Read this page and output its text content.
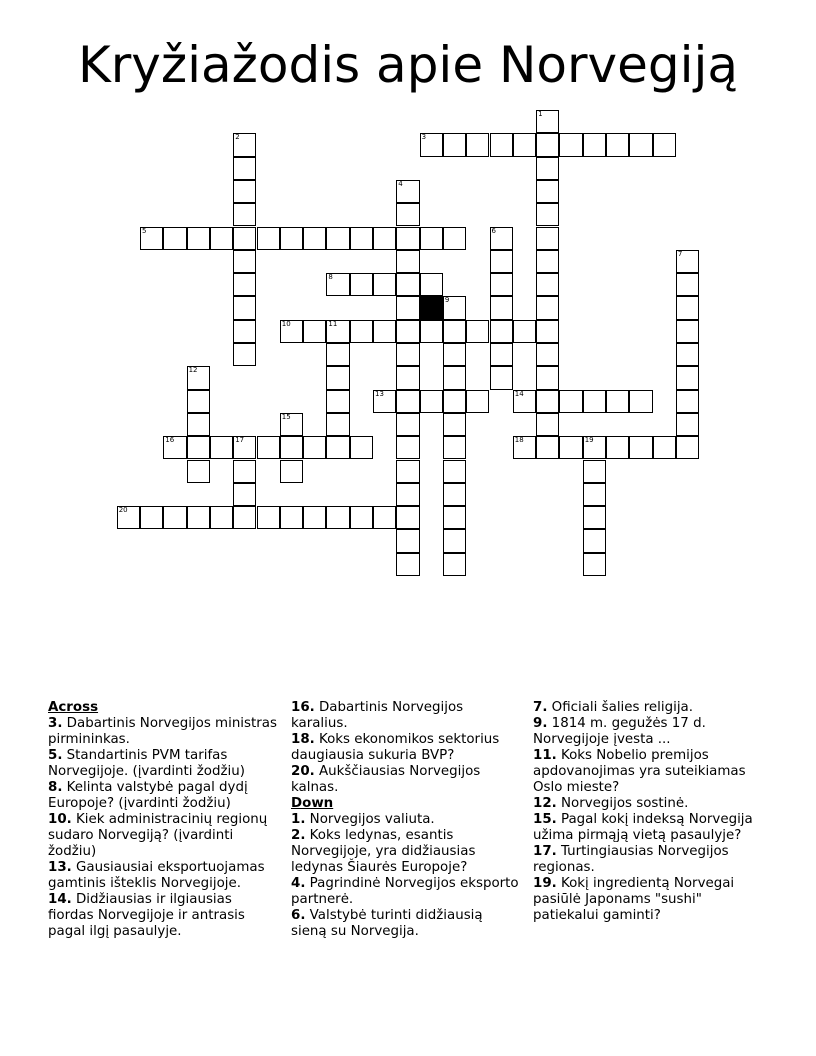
Kryžiažodis apie Norvegiją
3
5
8
10	11
13	14
16	17	18	19
20
1
2
4
6
7
9
12
15
Across
3. Dabartinis Norvegijos ministras pirmininkas.
5. Standartinis PVM tarifas Norvegijoje. (įvardinti žodžiu)
8. Kelinta valstybė pagal dydį Europoje? (įvardinti žodžiu)
10. Kiek administracinių regionų sudaro Norvegiją? (įvardinti žodžiu)
13. Gausiausiai eksportuojamas gamtinis išteklis Norvegijoje.
14. Didžiausias ir ilgiausias fiordas Norvegijoje ir antrasis pagal ilgį pasaulyje.
16. Dabartinis Norvegijos karalius.
18. Koks ekonomikos sektorius daugiausia sukuria BVP?
20. Aukščiausias Norvegijos kalnas.
Down
1. Norvegijos valiuta.
2. Koks ledynas, esantis Norvegijoje, yra didžiausias ledynas Šiaurės Europoje?
4. Pagrindinė Norvegijos eksporto partnerė.
6. Valstybė turinti didžiausią sieną su Norvegija.
7. Oficiali šalies religija.
9. 1814 m. gegužės 17 d. Norvegijoje įvesta ...
11. Koks Nobelio premijos apdovanojimas yra suteikiamas Oslo mieste?
12. Norvegijos sostinė.
15. Pagal kokį indeksą Norvegija užima pirmąją vietą pasaulyje?
17. Turtingiausias Norvegijos regionas.
19. Kokį ingredientą Norvegai pasiūlė Japonams "sushi" patiekalui gaminti?
